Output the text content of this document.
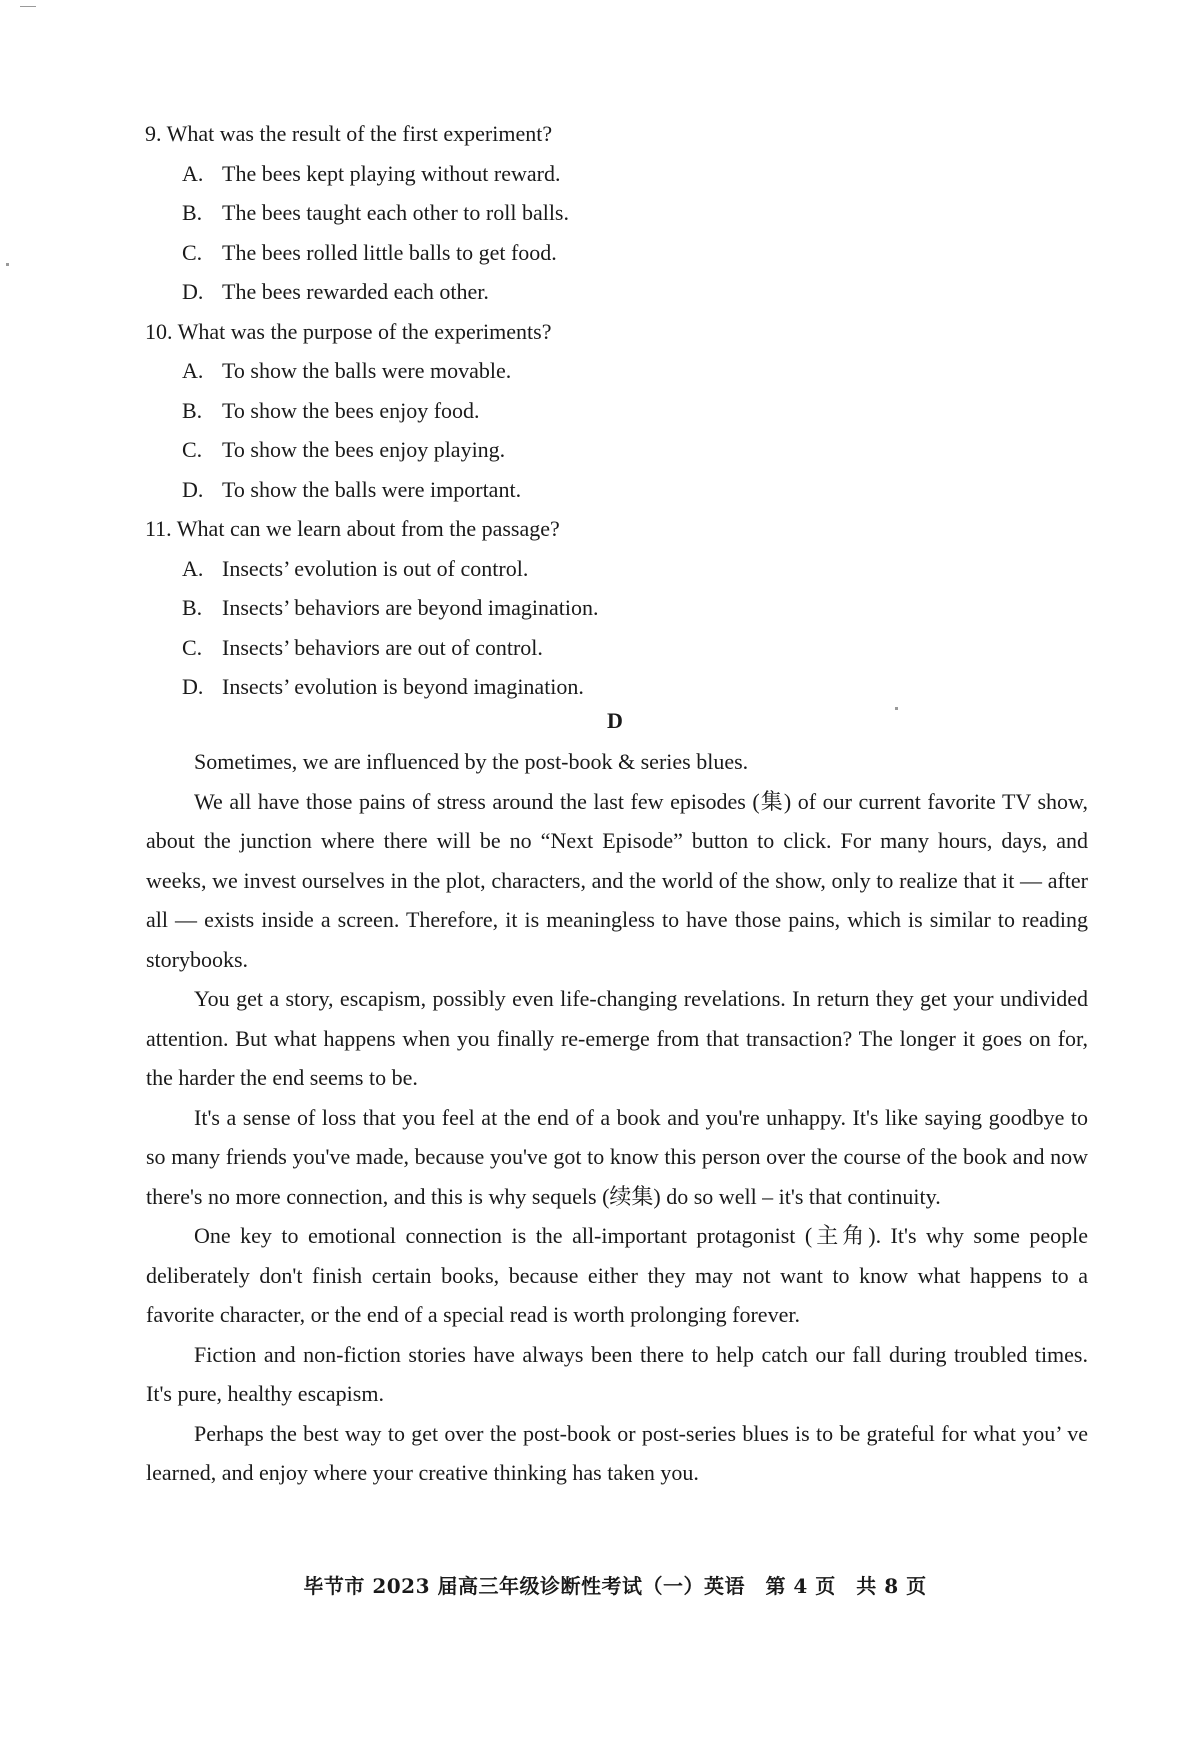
9. What was the result of the first experiment?
A. The bees kept playing without reward.
B. The bees taught each other to roll balls.
C. The bees rolled little balls to get food.
D. The bees rewarded each other.
10. What was the purpose of the experiments?
A. To show the balls were movable.
B. To show the bees enjoy food.
C. To show the bees enjoy playing.
D. To show the balls were important.
11. What can we learn about from the passage?
A. Insects’ evolution is out of control.
B. Insects’ behaviors are beyond imagination.
C. Insects’ behaviors are out of control.
D. Insects’ evolution is beyond imagination.
D

Sometimes, we are influenced by the post-book & series blues.

We all have those pains of stress around the last few episodes (集) of our current favorite TV show, about the junction where there will be no “Next Episode” button to click. For many hours, days, and weeks, we invest ourselves in the plot, characters, and the world of the show, only to realize that it — after all — exists inside a screen. Therefore, it is meaningless to have those pains, which is similar to reading storybooks.

You get a story, escapism, possibly even life-changing revelations. In return they get your undivided attention. But what happens when you finally re-emerge from that transaction? The longer it goes on for, the harder the end seems to be.

It's a sense of loss that you feel at the end of a book and you're unhappy. It's like saying goodbye to so many friends you've made, because you've got to know this person over the course of the book and now there's no more connection, and this is why sequels (续集) do so well – it's that continuity.

One key to emotional connection is the all-important protagonist (主角). It's why some people deliberately don't finish certain books, because either they may not want to know what happens to a favorite character, or the end of a special read is worth prolonging forever.

Fiction and non-fiction stories have always been there to help catch our fall during troubled times. It's pure, healthy escapism.

Perhaps the best way to get over the post-book or post-series blues is to be grateful for what you’ ve learned, and enjoy where your creative thinking has taken you.

毕节市 2023 届高三年级诊断性考试（一）英语　第 4 页　共 8 页
